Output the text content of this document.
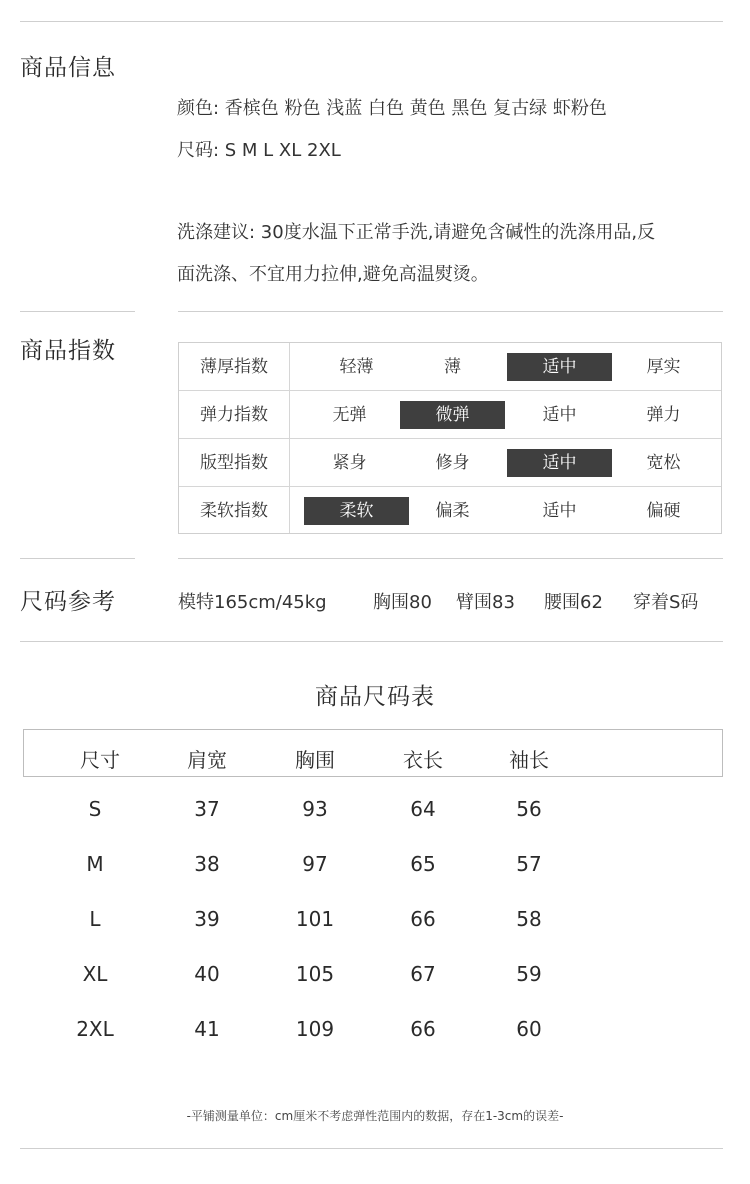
商品信息
颜色: 香槟色 粉色 浅蓝 白色 黄色 黑色 复古绿 虾粉色
尺码: S M L XL 2XL
洗涤建议: 30度水温下正常手洗,请避免含碱性的洗涤用品,反
面洗涤、不宜用力拉伸,避免高温熨烫。
商品指数
薄厚指数	轻薄	薄	适中	厚实
弹力指数	无弹	微弹	适中	弹力
版型指数	紧身	修身	适中	宽松
柔软指数	柔软	偏柔	适中	偏硬
尺码参考	模特165cm/45kg	胸围80 臂围83 腰围62 穿着S码
商品尺码表
尺寸	肩宽	胸围	衣长	袖长
S	37	93	64	56
M	38	97	65	57
L	39	101	66	58
XL	40	105	67	59
2XL	41	109	66	60
-平铺测量单位：cm厘米不考虑弹性范围内的数据，存在1-3cm的误差-
